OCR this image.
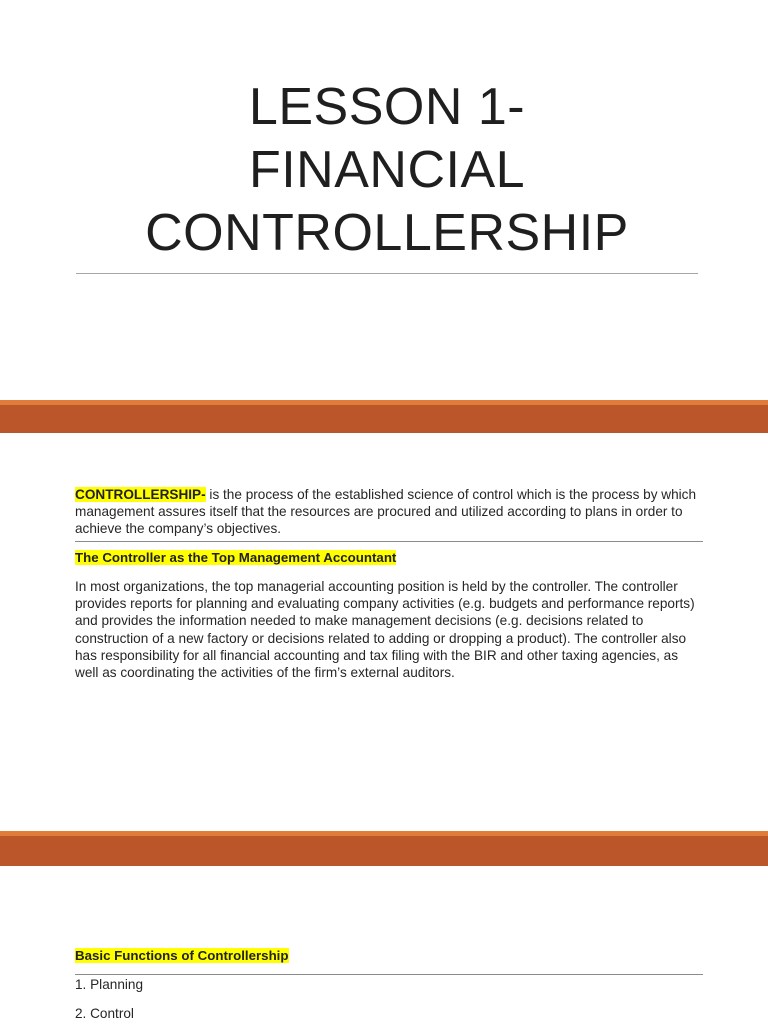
LESSON 1-
FINANCIAL
CONTROLLERSHIP
CONTROLLERSHIP- is the process of the established science of control which is the process by which management assures itself that the resources are procured and utilized according to plans in order to achieve the company’s objectives.
The Controller as the Top Management Accountant
In most organizations, the top managerial accounting position is held by the controller. The controller provides reports for planning and evaluating company activities (e.g. budgets and performance reports) and provides the information needed to make management decisions (e.g. decisions related to construction of a new factory or decisions related to adding or dropping a product). The controller also has responsibility for all financial accounting and tax filing with the BIR and other taxing agencies, as well as coordinating the activities of the firm’s external auditors.
Basic Functions of Controllership
1. Planning
2. Control
